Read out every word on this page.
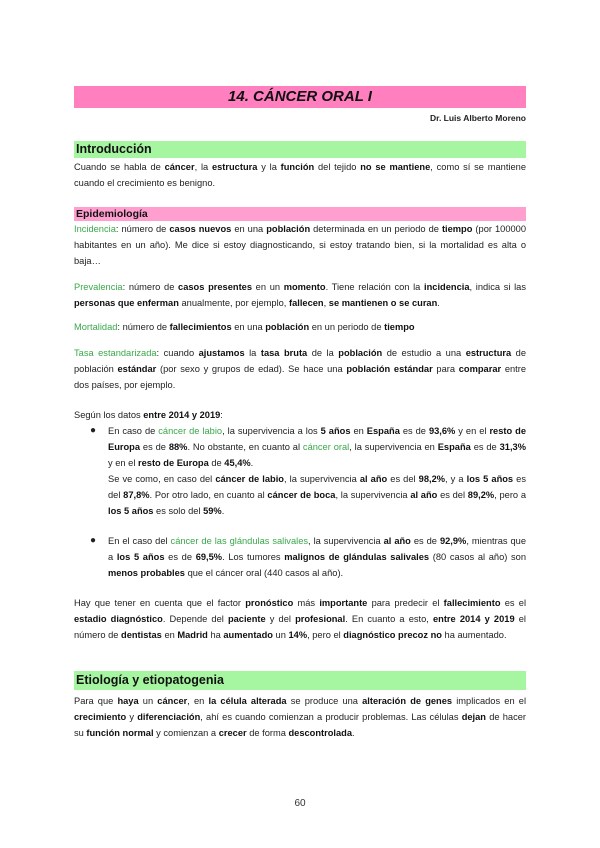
14. CÁNCER ORAL I
Dr. Luis Alberto Moreno
Introducción
Cuando se habla de cáncer, la estructura y la función del tejido no se mantiene, como sí se mantiene cuando el crecimiento es benigno.
Epidemiología
Incidencia: número de casos nuevos en una población determinada en un periodo de tiempo (por 100000 habitantes en un año). Me dice si estoy diagnosticando, si estoy tratando bien, si la mortalidad es alta o baja…
Prevalencia: número de casos presentes en un momento. Tiene relación con la incidencia, indica si las personas que enferman anualmente, por ejemplo, fallecen, se mantienen o se curan.
Mortalidad: número de fallecimientos en una población en un periodo de tiempo
Tasa estandarizada: cuando ajustamos la tasa bruta de la población de estudio a una estructura de población estándar (por sexo y grupos de edad). Se hace una población estándar para comparar entre dos países, por ejemplo.
Según los datos entre 2014 y 2019:
● En caso de cáncer de labio, la supervivencia a los 5 años en España es de 93,6% y en el resto de Europa es de 88%. No obstante, en cuanto al cáncer oral, la supervivencia en España es de 31,3% y en el resto de Europa de 45,4%.
Se ve como, en caso del cáncer de labio, la supervivencia al año es del 98,2%, y a los 5 años es del 87,8%. Por otro lado, en cuanto al cáncer de boca, la supervivencia al año es del 89,2%, pero a los 5 años es solo del 59%.
● En el caso del cáncer de las glándulas salivales, la supervivencia al año es de 92,9%, mientras que a los 5 años es de 69,5%. Los tumores malignos de glándulas salivales (80 casos al año) son menos probables que el cáncer oral (440 casos al año).
Hay que tener en cuenta que el factor pronóstico más importante para predecir el fallecimiento es el estadio diagnóstico. Depende del paciente y del profesional. En cuanto a esto, entre 2014 y 2019 el número de dentistas en Madrid ha aumentado un 14%, pero el diagnóstico precoz no ha aumentado.
Etiología y etiopatogenia
Para que haya un cáncer, en la célula alterada se produce una alteración de genes implicados en el crecimiento y diferenciación, ahí es cuando comienzan a producir problemas. Las células dejan de hacer su función normal y comienzan a crecer de forma descontrolada.
60
